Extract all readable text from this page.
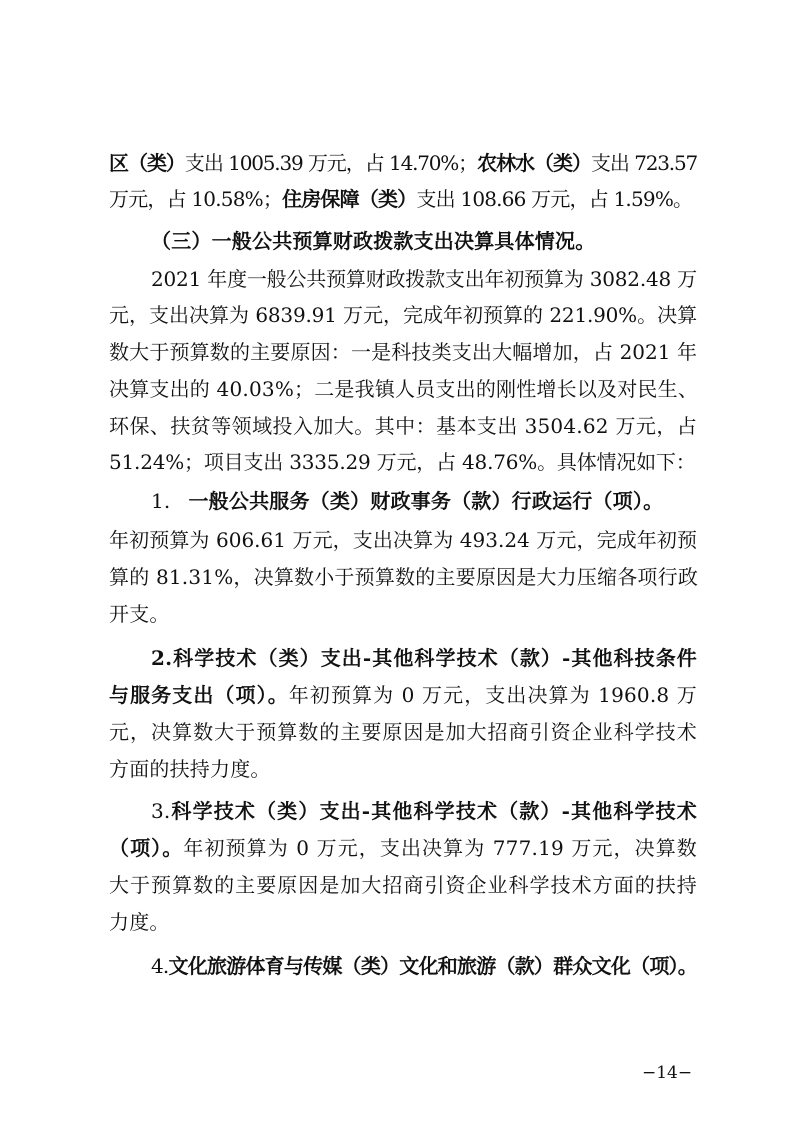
区（类）支出 1005.39 万元，占 14.70%；农林水（类）支出 723.57
万元，占 10.58%；住房保障（类）支出 108.66 万元，占 1.59%。
（三）一般公共预算财政拨款支出决算具体情况。
2021 年度一般公共预算财政拨款支出年初预算为 3082.48 万
元，支出决算为 6839.91 万元，完成年初预算的 221.90%。决算
数大于预算数的主要原因：一是科技类支出大幅增加，占 2021 年
决算支出的 40.03%；二是我镇人员支出的刚性增长以及对民生、
环保、扶贫等领域投入加大。其中：基本支出 3504.62 万元，占
51.24%；项目支出 3335.29 万元，占 48.76%。具体情况如下：
1. 一般公共服务（类）财政事务（款）行政运行（项）。
年初预算为 606.61 万元，支出决算为 493.24 万元，完成年初预
算的 81.31%，决算数小于预算数的主要原因是大力压缩各项行政
开支。
2.科学技术（类）支出-其他科学技术（款）-其他科技条件
与服务支出（项）。年初预算为 0 万元，支出决算为 1960.8 万
元，决算数大于预算数的主要原因是加大招商引资企业科学技术
方面的扶持力度。
3.科学技术（类）支出-其他科学技术（款）-其他科学技术
（项）。年初预算为 0 万元，支出决算为 777.19 万元，决算数
大于预算数的主要原因是加大招商引资企业科学技术方面的扶持
力度。
4.文化旅游体育与传媒（类）文化和旅游（款）群众文化（项）。
−14−
